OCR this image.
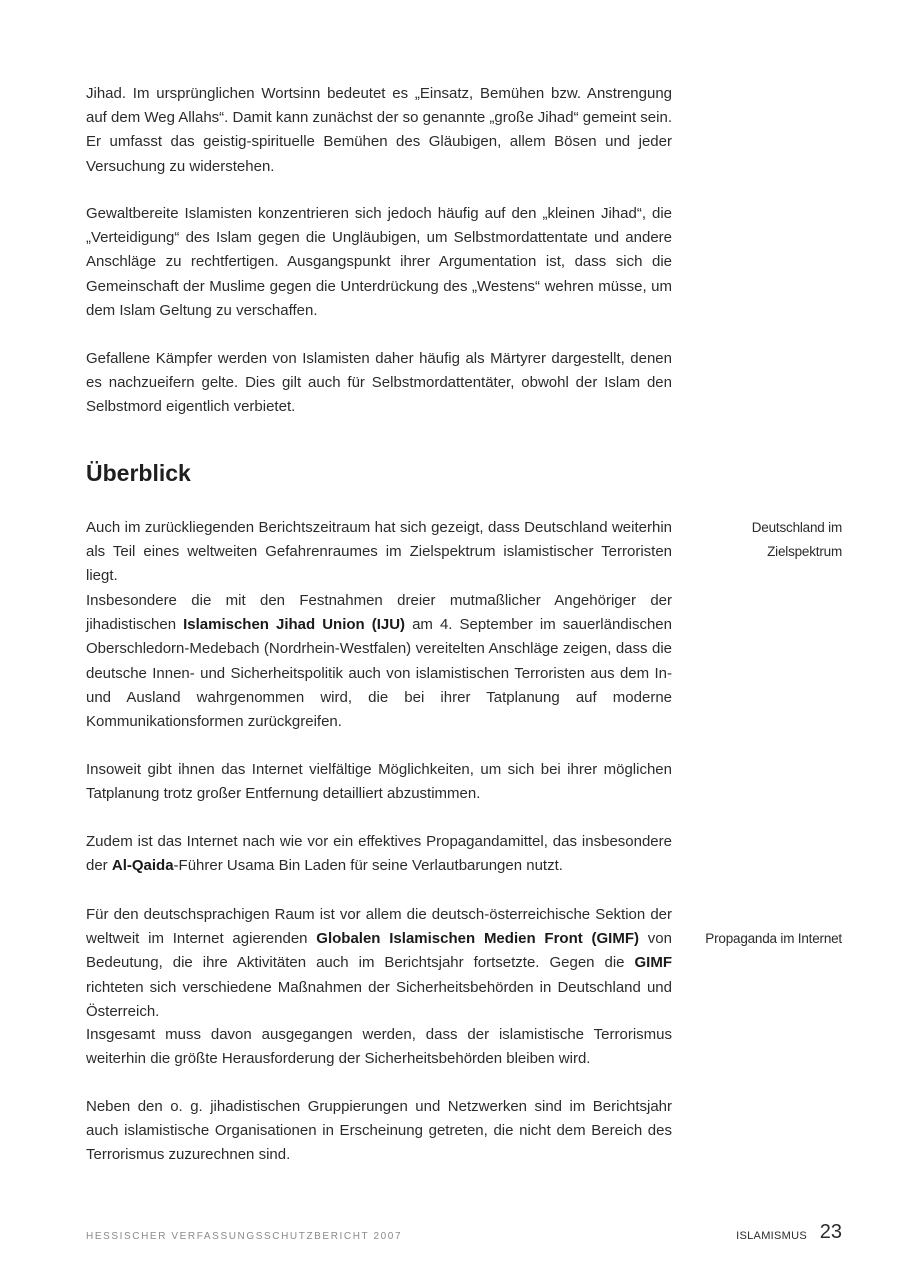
Jihad. Im ursprünglichen Wortsinn bedeutet es „Einsatz, Bemühen bzw. Anstrengung auf dem Weg Allahs“. Damit kann zunächst der so genannte „große Jihad“ gemeint sein. Er umfasst das geistig-spirituelle Bemühen des Gläubigen, allem Bösen und jeder Versuchung zu widerstehen.

Gewaltbereite Islamisten konzentrieren sich jedoch häufig auf den „kleinen Jihad“, die „Verteidigung“ des Islam gegen die Ungläubigen, um Selbstmordattentate und andere Anschläge zu rechtfertigen. Ausgangspunkt ihrer Argumentation ist, dass sich die Gemeinschaft der Muslime gegen die Unterdrückung des „Westens“ wehren müsse, um dem Islam Geltung zu verschaffen.

Gefallene Kämpfer werden von Islamisten daher häufig als Märtyrer dargestellt, denen es nachzueifern gelte. Dies gilt auch für Selbstmordattentäter, obwohl der Islam den Selbstmord eigentlich verbietet.

Überblick

Auch im zurückliegenden Berichtszeitraum hat sich gezeigt, dass Deutschland weiterhin als Teil eines weltweiten Gefahrenraumes im Zielspektrum islamistischer Terroristen liegt.

Insbesondere die mit den Festnahmen dreier mutmaßlicher Angehöriger der jihadistischen Islamischen Jihad Union (IJU) am 4. September im sauerländischen Oberschledorn-Medebach (Nordrhein-Westfalen) vereitelten Anschläge zeigen, dass die deutsche Innen- und Sicherheitspolitik auch von islamistischen Terroristen aus dem In- und Ausland wahrgenommen wird, die bei ihrer Tatplanung auf moderne Kommunikationsformen zurückgreifen.

Insoweit gibt ihnen das Internet vielfältige Möglichkeiten, um sich bei ihrer möglichen Tatplanung trotz großer Entfernung detailliert abzustimmen.

Zudem ist das Internet nach wie vor ein effektives Propagandamittel, das insbesondere der Al-Qaida-Führer Usama Bin Laden für seine Verlautbarungen nutzt.

Für den deutschsprachigen Raum ist vor allem die deutsch-österreichische Sektion der weltweit im Internet agierenden Globalen Islamischen Medien Front (GIMF) von Bedeutung, die ihre Aktivitäten auch im Berichtsjahr fortsetzte. Gegen die GIMF richteten sich verschiedene Maßnahmen der Sicherheitsbehörden in Deutschland und Österreich.

Insgesamt muss davon ausgegangen werden, dass der islamistische Terrorismus weiterhin die größte Herausforderung der Sicherheitsbehörden bleiben wird.

Neben den o. g. jihadistischen Gruppierungen und Netzwerken sind im Berichtsjahr auch islamistische Organisationen in Erscheinung getreten, die nicht dem Bereich des Terrorismus zuzurechnen sind.

Deutschland im
Zielspektrum
Propaganda im Internet
HESSISCHER VERFASSUNGSSCHUTZBERICHT 2007	ISLAMISMUS 23
